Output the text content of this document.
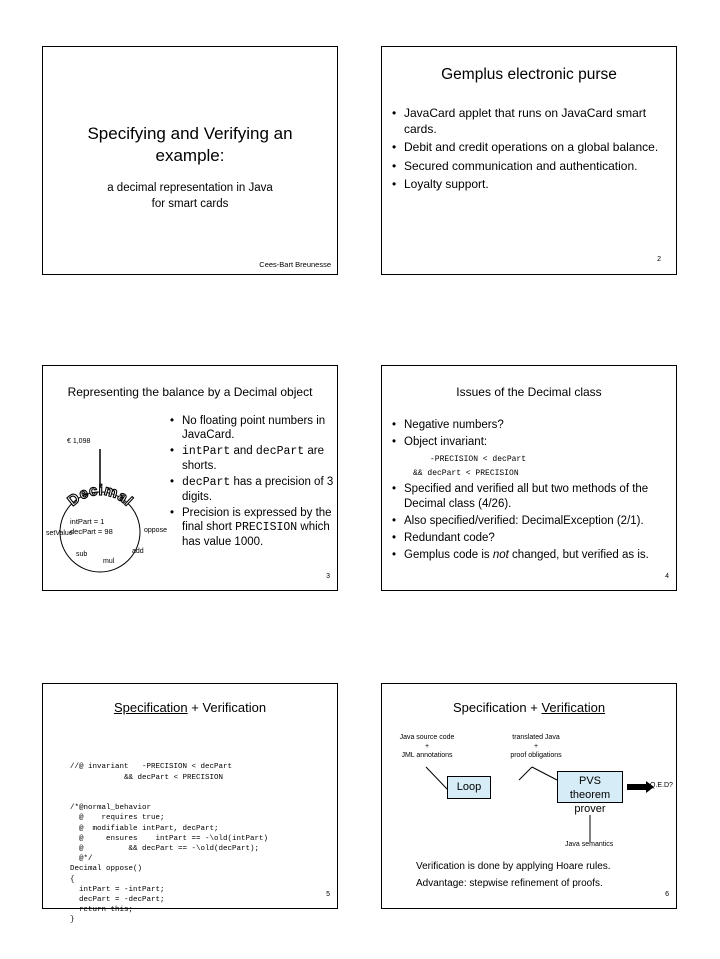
Specifying and Verifying an
example:
a decimal representation in Java
for smart cards
Cees-Bart Breunesse
Gemplus electronic purse
• JavaCard applet that runs on JavaCard smart cards.
• Debit and credit operations on a global balance.
• Secured communication and authentication.
• Loyalty support.
2
Representing the balance by a Decimal object
€ 1,098
Decimal
intPart = 1
decPart = 98
setValue	oppose
sub	add
mul
• No floating point numbers in JavaCard.
• intPart and decPart are shorts.
• decPart has a precision of 3 digits.
• Precision is expressed by the final short PRECISION which has value 1000.
3
Issues of the Decimal class
• Negative numbers?
• Object invariant:
-PRECISION < decPart
&& decPart < PRECISION
• Specified and verified all but two methods of the Decimal class (4/26).
• Also specified/verified: DecimalException (2/1).
• Redundant code?
• Gemplus code is not changed, but verified as is.
4
Specification + Verification

//@ invariant   -PRECISION < decPart
&& decPart < PRECISION

/*@normal_behavior
@    requires true;
@  modifiable intPart, decPart;
@     ensures    intPart == -\old(intPart)
@          && decPart == -\old(decPart);
@*/
Decimal oppose()
{
intPart = -intPart;
decPart = -decPart;
return this;
}

5
Specification + Verification
Java source code
+
JML annotations
translated Java
+
proof obligations
Loop	PVS
theorem prover
Q.E.D?
Java semantics
Verification is done by applying Hoare rules.
Advantage: stepwise refinement of proofs.
6
